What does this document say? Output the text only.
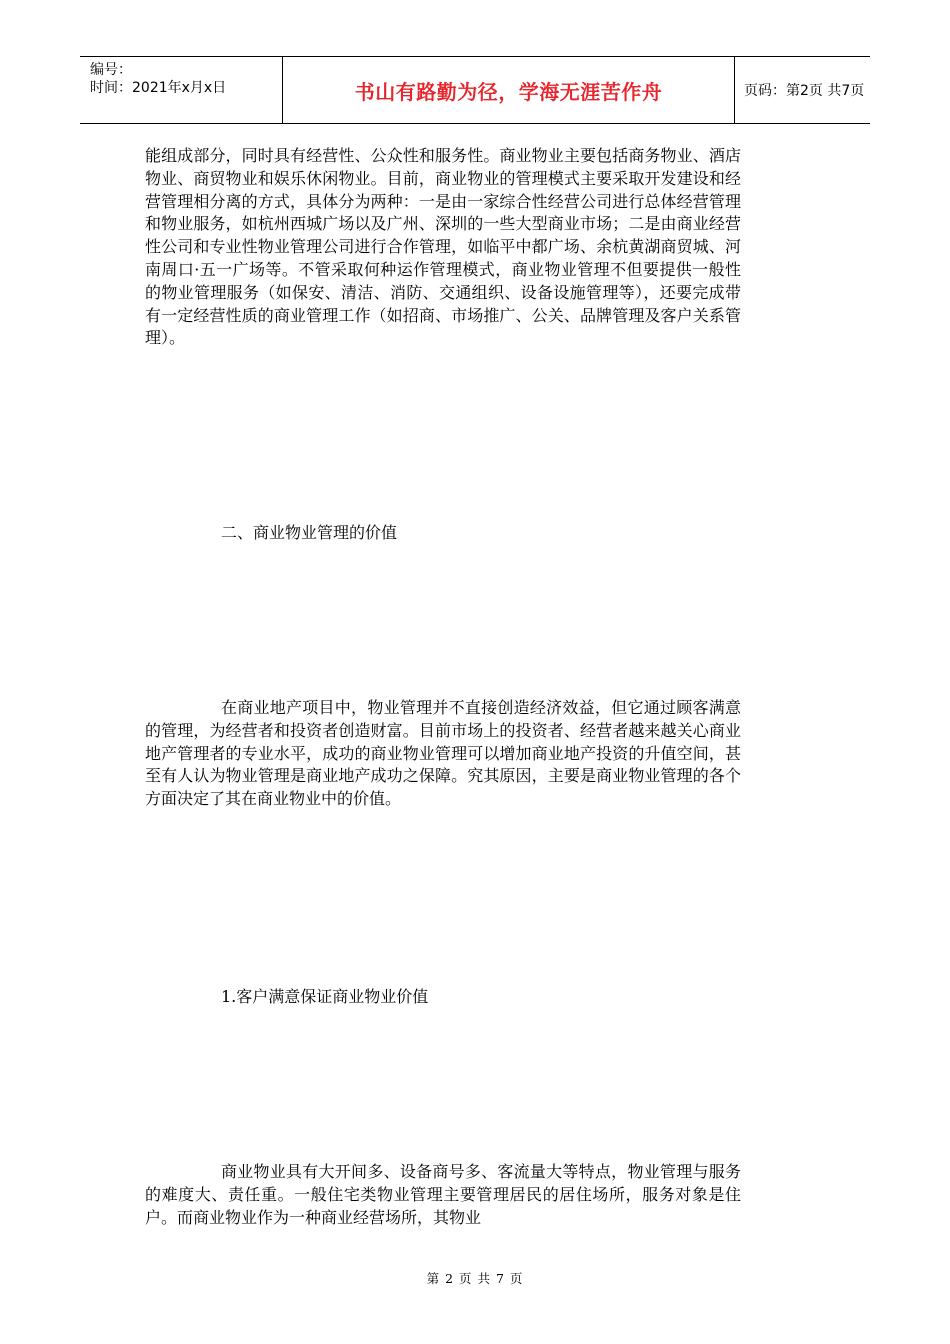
编号：
时间：2021年x月x日	书山有路勤为径，学海无涯苦作舟	页码：第2页 共7页

能组成部分，同时具有经营性、公众性和服务性。商业物业主要包括商务物业、酒店物业、商贸物业和娱乐休闲物业。目前，商业物业的管理模式主要采取开发建设和经营管理相分离的方式，具体分为两种：一是由一家综合性经营公司进行总体经营管理和物业服务，如杭州西城广场以及广州、深圳的一些大型商业市场；二是由商业经营性公司和专业性物业管理公司进行合作管理，如临平中都广场、余杭黄湖商贸城、河南周口·五一广场等。不管采取何种运作管理模式，商业物业管理不但要提供一般性的物业管理服务（如保安、清洁、消防、交通组织、设备设施管理等），还要完成带有一定经营性质的商业管理工作（如招商、市场推广、公关、品牌管理及客户关系管理）。

二、商业物业管理的价值

在商业地产项目中，物业管理并不直接创造经济效益，但它通过顾客满意的管理，为经营者和投资者创造财富。目前市场上的投资者、经营者越来越关心商业地产管理者的专业水平，成功的商业物业管理可以增加商业地产投资的升值空间，甚至有人认为物业管理是商业地产成功之保障。究其原因，主要是商业物业管理的各个方面决定了其在商业物业中的价值。

1.客户满意保证商业物业价值

商业物业具有大开间多、设备商号多、客流量大等特点，物业管理与服务的难度大、责任重。一般住宅类物业管理主要管理居民的居住场所，服务对象是住户。而商业物业作为一种商业经营场所，其物业

第 2 页 共 7 页
